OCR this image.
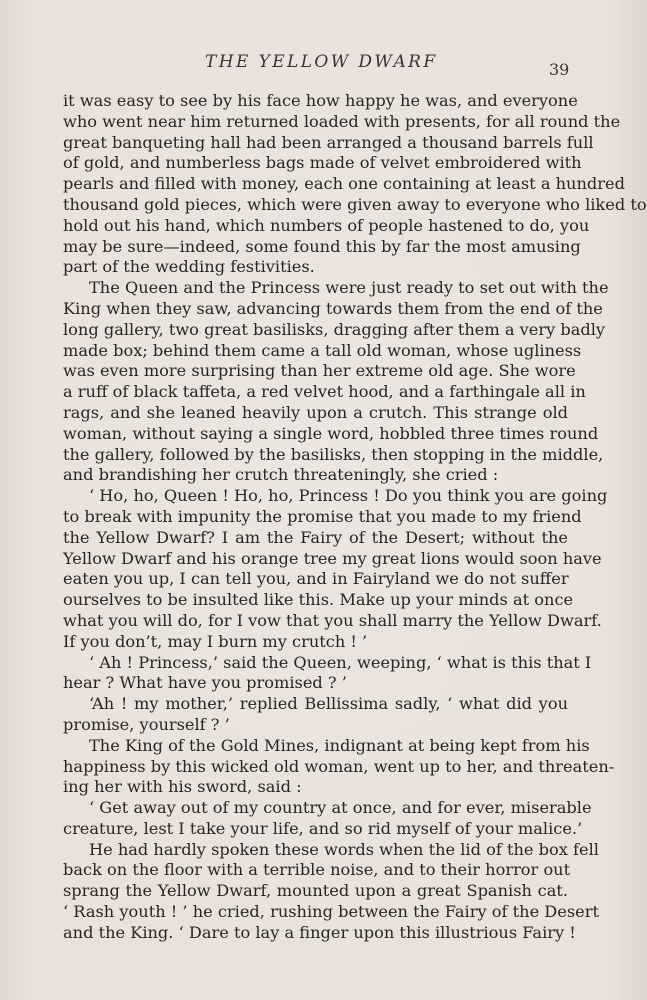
THE YELLOW DWARF	39
it was easy to see by his face how happy he was, and everyone
who went near him returned loaded with presents, for all round the
great banqueting hall had been arranged a thousand barrels full
of gold, and numberless bags made of velvet embroidered with
pearls and filled with money, each one containing at least a hundred
thousand gold pieces, which were given away to everyone who liked to
hold out his hand, which numbers of people hastened to do, you
may be sure—indeed, some found this by far the most amusing
part of the wedding festivities.
The Queen and the Princess were just ready to set out with the
King when they saw, advancing towards them from the end of the
long gallery, two great basilisks, dragging after them a very badly
made box; behind them came a tall old woman, whose ugliness
was even more surprising than her extreme old age. She wore
a ruff of black taffeta, a red velvet hood, and a farthingale all in
rags, and she leaned heavily upon a crutch. This strange old
woman, without saying a single word, hobbled three times round
the gallery, followed by the basilisks, then stopping in the middle,
and brandishing her crutch threateningly, she cried :
‘ Ho, ho, Queen ! Ho, ho, Princess ! Do you think you are going
to break with impunity the promise that you made to my friend
the Yellow Dwarf? I am the Fairy of the Desert; without the
Yellow Dwarf and his orange tree my great lions would soon have
eaten you up, I can tell you, and in Fairyland we do not suffer
ourselves to be insulted like this. Make up your minds at once
what you will do, for I vow that you shall marry the Yellow Dwarf.
If you don’t, may I burn my crutch ! ’
‘ Ah ! Princess,’ said the Queen, weeping, ‘ what is this that I
hear ? What have you promised ? ’
‘Ah ! my mother,’ replied Bellissima sadly, ‘ what did you
promise, yourself ? ’
The King of the Gold Mines, indignant at being kept from his
happiness by this wicked old woman, went up to her, and threaten-
ing her with his sword, said :
‘ Get away out of my country at once, and for ever, miserable
creature, lest I take your life, and so rid myself of your malice.’
He had hardly spoken these words when the lid of the box fell
back on the floor with a terrible noise, and to their horror out
sprang the Yellow Dwarf, mounted upon a great Spanish cat.
‘ Rash youth ! ’ he cried, rushing between the Fairy of the Desert
and the King. ‘ Dare to lay a finger upon this illustrious Fairy !
